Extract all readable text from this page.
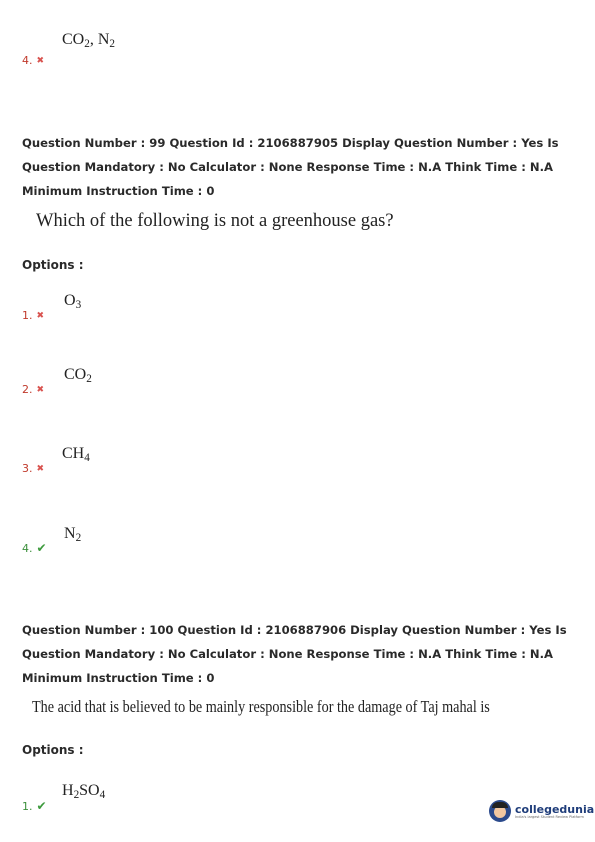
$CO_2$, $N_2$
4. ✖
Question Number : 99 Question Id : 2106887905 Display Question Number : Yes Is Question Mandatory : No Calculator : None Response Time : N.A Think Time : N.A Minimum Instruction Time : 0
Which of the following is not a greenhouse gas?
Options :
$O_3$
1. ✖
$CO_2$
2. ✖
$CH_4$
3. ✖
$N_2$
4. ✔
Question Number : 100 Question Id : 2106887906 Display Question Number : Yes Is Question Mandatory : No Calculator : None Response Time : N.A Think Time : N.A Minimum Instruction Time : 0
The acid that is believed to be mainly responsible for the damage of Taj mahal is
Options :
$H_2SO_4$
1. ✔	collegedunia
India's largest Student Review Platform
